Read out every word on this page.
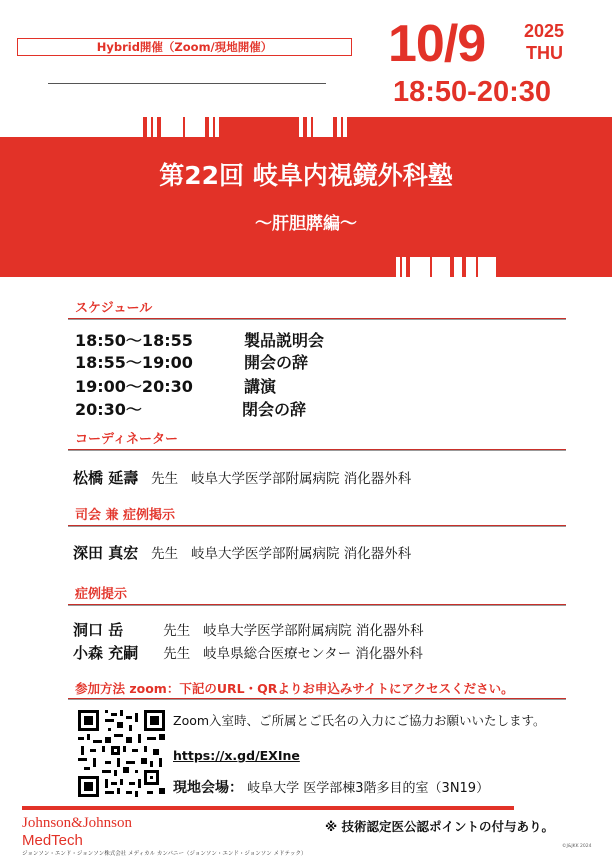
Hybrid開催（Zoom/現地開催）	10/9 2025
THU
18:50-20:30
第22回 岐阜内視鏡外科塾
～肝胆膵編～
スケジュール
18:50～18:55	製品説明会
18:55～19:00	開会の辞
19:00～20:30	講演
20:30～	閉会の辞
コーディネーター
松橋 延壽 先生 岐阜大学医学部附属病院 消化器外科
司会 兼 症例掲示
深田 真宏 先生 岐阜大学医学部附属病院 消化器外科
症例提示
洞口 岳	先生 岐阜大学医学部附属病院 消化器外科
小森 充嗣 先生 岐阜県総合医療センター 消化器外科
参加方法 zoom：下記のURL・QRよりお申込みサイトにアクセスください。
Zoom入室時、ご所属とご氏名の入力にご協力お願いいたします。
https://x.gd/EXIne
現地会場： 岐阜大学 医学部棟3階多目的室（3N19）
Johnson&Johnson
MedTech
ジョンソン・エンド・ジョンソン株式会社 メディカル カンパニー（ジョンソン・エンド・ジョンソン メドテック）
※ 技術認定医公認ポイントの付与あり。
©J&JKK 2024
